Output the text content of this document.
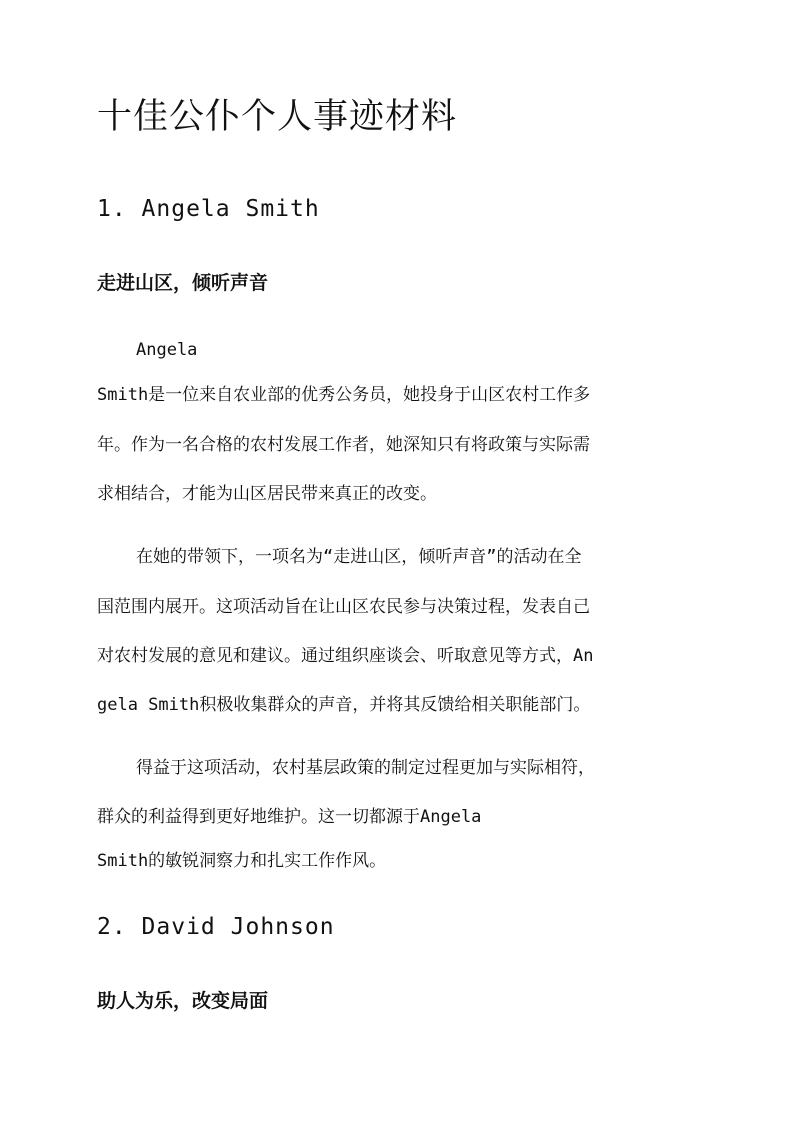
十佳公仆个人事迹材料
1. Angela Smith
走进山区，倾听声音

Angela

Smith是一位来自农业部的优秀公务员，她投身于山区农村工作多

年。作为一名合格的农村发展工作者，她深知只有将政策与实际需

求相结合，才能为山区居民带来真正的改变。

在她的带领下，一项名为“走进山区，倾听声音”的活动在全

国范围内展开。这项活动旨在让山区农民参与决策过程，发表自己

对农村发展的意见和建议。通过组织座谈会、听取意见等方式，An

gela Smith积极收集群众的声音，并将其反馈给相关职能部门。

得益于这项活动，农村基层政策的制定过程更加与实际相符，

群众的利益得到更好地维护。这一切都源于Angela

Smith的敏锐洞察力和扎实工作作风。

2. David Johnson
助人为乐，改变局面
